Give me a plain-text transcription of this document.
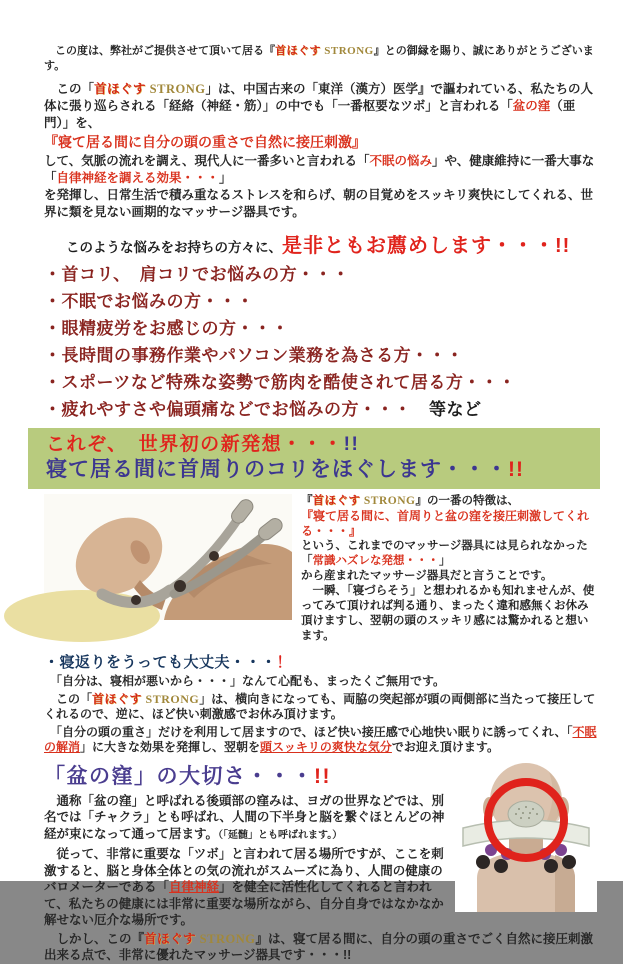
　この度は、弊社がご提供させて頂いて居る『首ほぐす STRONG』との御縁を賜り、誠にありがとうございます。

　この「首ほぐす STRONG」は、中国古来の「東洋（漢方）医学』で謳われている、私たちの人体に張り巡らされる「経絡（神経・筋）」の中でも「一番枢要なツボ」と言われる「盆の窪（亜門）」を、

『寝て居る間に自分の頭の重さで自然に接圧刺激』

して、気脈の流れを調え、現代人に一番多いと言われる「不眠の悩み」や、健康維持に一番大事な

「自律神経を調える効果・・・」

を発揮し、日常生活で積み重なるストレスを和らげ、朝の目覚めをスッキリ爽快にしてくれる、世界に類を見ない画期的なマッサージ器具です。

このような悩みをお持ちの方々に、 是非ともお薦めします・・・!!
・首コリ、　肩コリでお悩みの方・・・
・不眠でお悩みの方・・・
・眼精疲労をお感じの方・・・
・長時間の事務作業やパソコン業務を為さる方・・・
・スポーツなど特殊な姿勢で筋肉を酷使されて居る方・・・
・疲れやすさや偏頭痛などでお悩みの方・・・　等など
これぞ、　世界初の新発想・・・!!
寝て居る間に首周りのコリをほぐします・・・!!

『首ほぐす STRONG』の一番の特徴は、

『寝て居る間に、首周りと盆の窪を接圧刺激してくれる・・・』

という、これまでのマッサージ器具には見られなかった

「常識ハズレな発想・・・」

から産まれたマッサージ器具だと言うことです。

　一瞬、「寝づらそう」と想われるかも知れませんが、使ってみて頂ければ判る通り、まったく違和感無くお休み頂けますし、翌朝の頭のスッキリ感には驚かれると想います。

・寝返りをうっても大丈夫・・・！

　「自分は、寝相が悪いから・・・」なんて心配も、まったくご無用です。

　この「首ほぐす STRONG」は、横向きになっても、両脇の突起部が頭の両側部に当たって接圧してくれるので、逆に、ほど快い刺激感でお休み頂けます。

　「自分の頭の重さ」だけを利用して居ますので、ほど快い接圧感で心地快い眠りに誘ってくれ、「不眠の解消」に大きな効果を発揮し、翌朝を頭スッキリの爽快な気分でお迎え頂けます。

「盆の窪」の大切さ・・・!!

　通称「盆の窪」と呼ばれる後頭部の窪みは、ヨガの世界などでは、別名では「チャクラ」とも呼ばれ、人間の下半身と脳を繋ぐほとんどの神経が束になって通って居ます。（「延髄」とも呼ばれます。）

　従って、非常に重要な「ツボ」と言われて居る場所ですが、ここを刺激すると、脳と身体全体との気の流れがスムーズに為り、人間の健康のバロメーターである「自律神経」を健全に活性化してくれると言われて、私たちの健康には非常に重要な場所ながら、自分自身ではなかなか解せない厄介な場所です。

　しかし、この『首ほぐす STRONG』は、寝て居る間に、自分の頭の重さでごく自然に接圧刺激出来る点で、非常に優れたマッサージ器具です・・・!!
